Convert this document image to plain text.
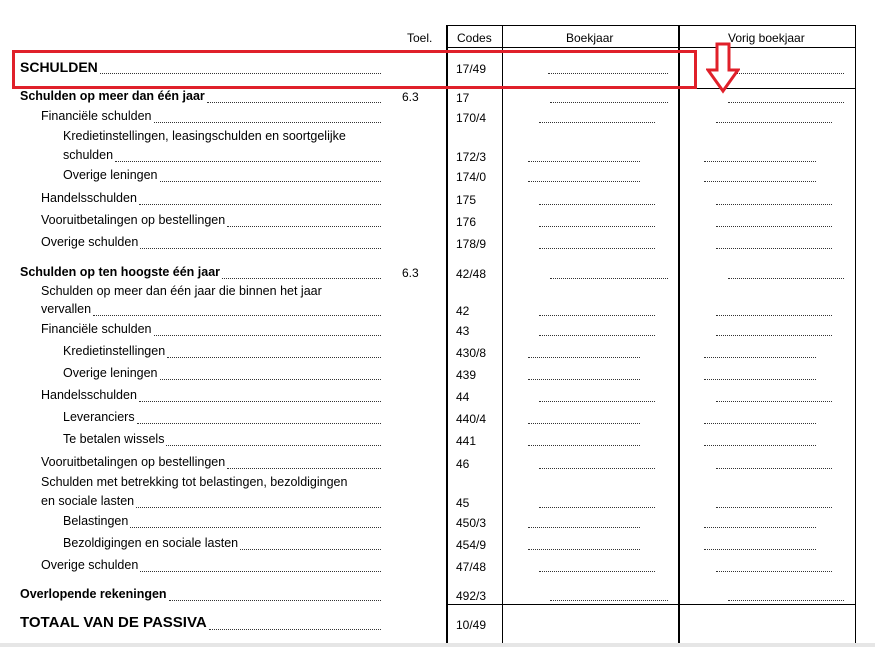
Toel. Codes	Boekjaar	Vorig boekjaar
SCHULDEN	17/49
Schulden op meer dan één jaar	6.3	17
Financiële schulden	170/4
Kredietinstellingen, leasingschulden en soortgelijke
schulden	172/3
Overige leningen	174/0
Handelsschulden	175
Vooruitbetalingen op bestellingen	176
Overige schulden	178/9
Schulden op ten hoogste één jaar	6.3	42/48
Schulden op meer dan één jaar die binnen het jaar
vervallen	42
Financiële schulden	43
Kredietinstellingen	430/8
Overige leningen	439
Handelsschulden	44
Leveranciers	440/4
Te betalen wissels	441
Vooruitbetalingen op bestellingen	46
Schulden met betrekking tot belastingen, bezoldigingen
en sociale lasten	45
Belastingen	450/3
Bezoldigingen en sociale lasten	454/9
Overige schulden	47/48
Overlopende rekeningen	492/3
TOTAAL VAN DE PASSIVA	10/49
